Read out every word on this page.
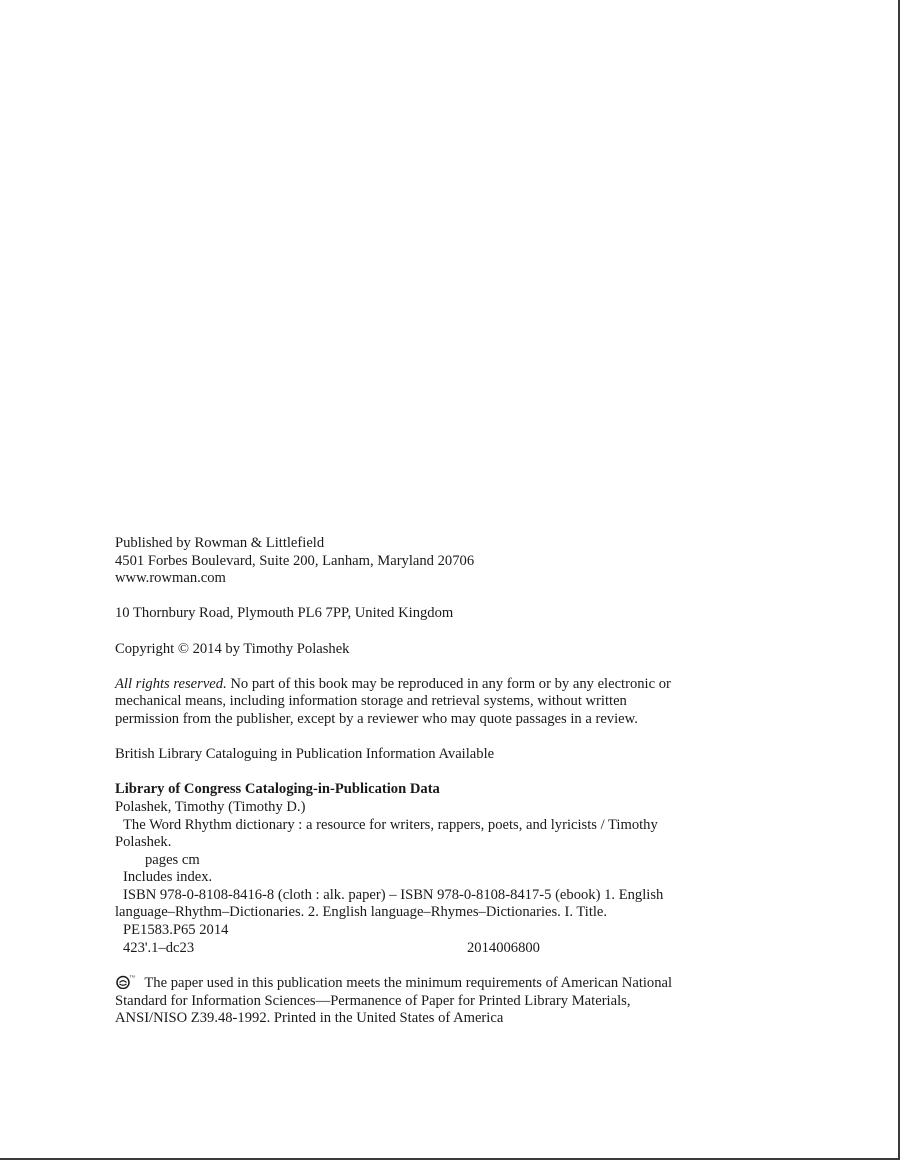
Published by Rowman & Littlefield
4501 Forbes Boulevard, Suite 200, Lanham, Maryland 20706
www.rowman.com

10 Thornbury Road, Plymouth PL6 7PP, United Kingdom

Copyright © 2014 by Timothy Polashek

All rights reserved. No part of this book may be reproduced in any form or by any electronic or
mechanical means, including information storage and retrieval systems, without written
permission from the publisher, except by a reviewer who may quote passages in a review.

British Library Cataloguing in Publication Information Available

Library of Congress Cataloging-in-Publication Data
Polashek, Timothy (Timothy D.)
The Word Rhythm dictionary : a resource for writers, rappers, poets, and lyricists / Timothy
Polashek.
pages cm
Includes index.
ISBN 978-0-8108-8416-8 (cloth : alk. paper) – ISBN 978-0-8108-8417-5 (ebook) 1. English
language–Rhythm–Dictionaries. 2. English language–Rhymes–Dictionaries. I. Title.
PE1583.P65 2014
423'.1–dc23	2014006800

™ The paper used in this publication meets the minimum requirements of American National
Standard for Information Sciences—Permanence of Paper for Printed Library Materials,
ANSI/NISO Z39.48-1992. Printed in the United States of America
